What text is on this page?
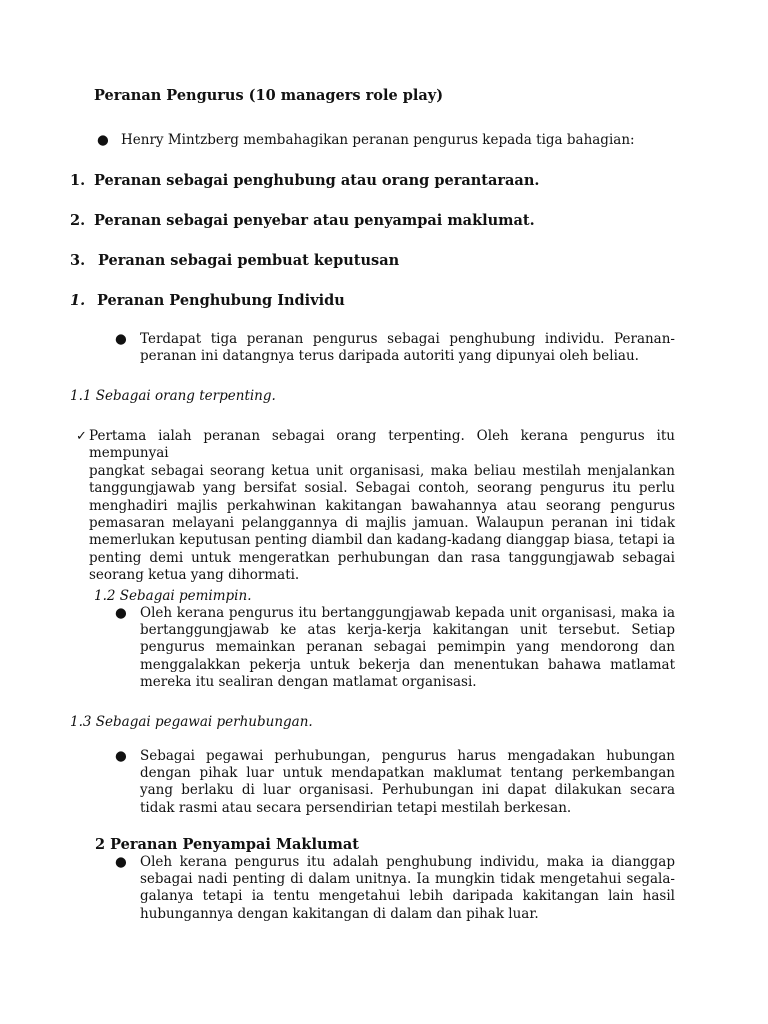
Peranan Pengurus (10 managers role play)
● Henry Mintzberg membahagikan peranan pengurus kepada tiga bahagian:
1. Peranan sebagai penghubung atau orang perantaraan.
2. Peranan sebagai penyebar atau penyampai maklumat.
3. Peranan sebagai pembuat keputusan
1. Peranan Penghubung Individu
● Terdapat tiga peranan pengurus sebagai penghubung individu. Peranan-peranan ini datangnya terus daripada autoriti yang dipunyai oleh beliau.
1.1 Sebagai orang terpenting.
✓ Pertama ialah peranan sebagai orang terpenting. Oleh kerana pengurus itu mempunyai
pangkat sebagai seorang ketua unit organisasi, maka beliau mestilah menjalankan tanggungjawab yang bersifat sosial. Sebagai contoh, seorang pengurus itu perlu menghadiri majlis perkahwinan kakitangan bawahannya atau seorang pengurus pemasaran melayani pelanggannya di majlis jamuan. Walaupun peranan ini tidak memerlukan keputusan penting diambil dan kadang-kadang dianggap biasa, tetapi ia penting demi untuk mengeratkan perhubungan dan rasa tanggungjawab sebagai seorang ketua yang dihormati.
1.2 Sebagai pemimpin.
● Oleh kerana pengurus itu bertanggungjawab kepada unit organisasi, maka ia bertanggungjawab ke atas kerja-kerja kakitangan unit tersebut. Setiap pengurus memainkan peranan sebagai pemimpin yang mendorong dan menggalakkan pekerja untuk bekerja dan menentukan bahawa matlamat mereka itu sealiran dengan matlamat organisasi.
1.3 Sebagai pegawai perhubungan.
● Sebagai pegawai perhubungan, pengurus harus mengadakan hubungan dengan pihak luar untuk mendapatkan maklumat tentang perkembangan yang berlaku di luar organisasi. Perhubungan ini dapat dilakukan secara tidak rasmi atau secara persendirian tetapi mestilah berkesan.
2 Peranan Penyampai Maklumat
● Oleh kerana pengurus itu adalah penghubung individu, maka ia dianggap sebagai nadi penting di dalam unitnya. Ia mungkin tidak mengetahui segala-galanya tetapi ia tentu mengetahui lebih daripada kakitangan lain hasil hubungannya dengan kakitangan di dalam dan pihak luar.
